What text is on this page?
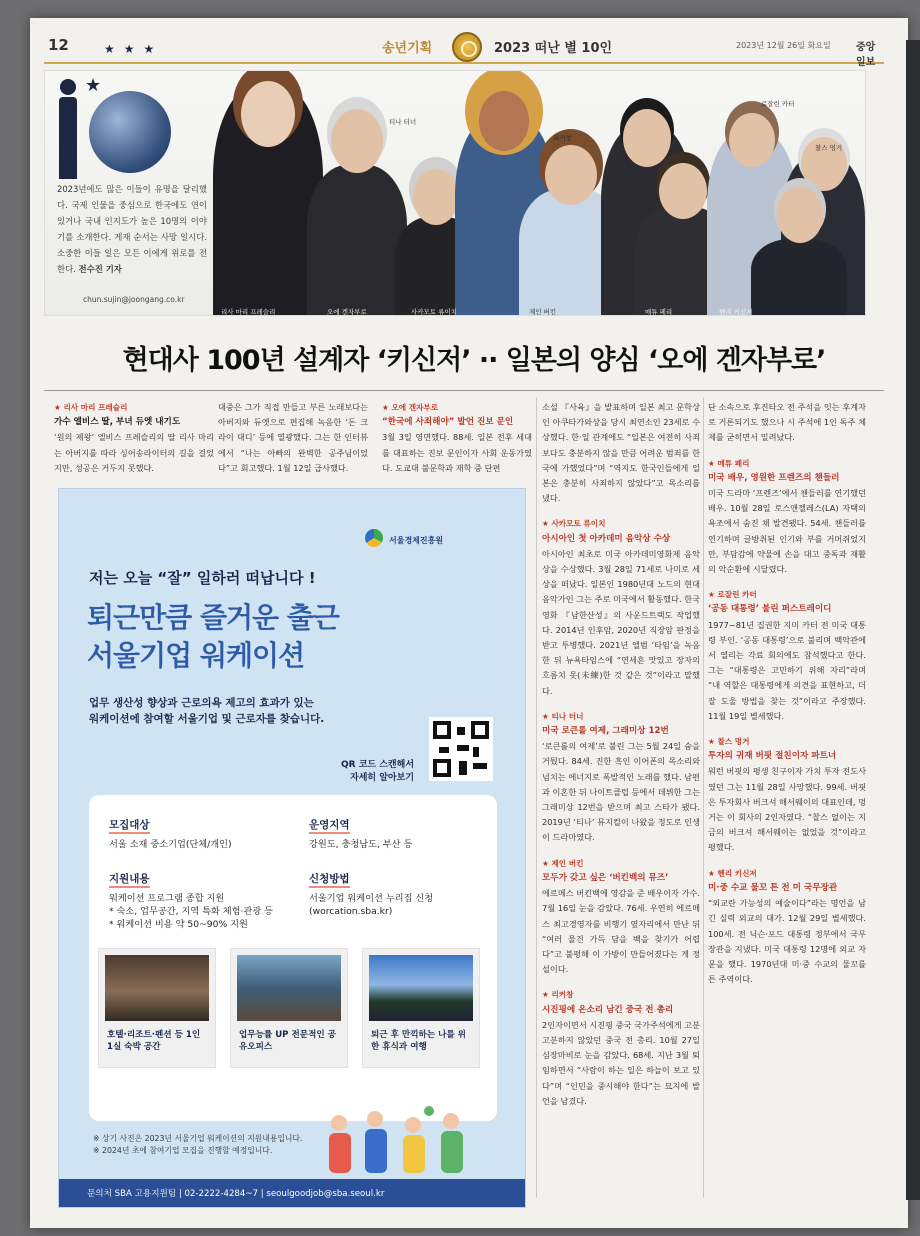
12	★★★	송년기획	2023 떠난 별 10인	2023년 12월 26일 화요일	중앙일보
★
2023년에도 많은 이들이 유명을 달리했다. 국제 인물을 중심으로 한국에도 연이 있거나 국내 인지도가 높은 10명의 이야기를 소개한다. 게재 순서는 사망 일시다. 소중한 이들 일은 모든 이에게 위로를 전한다. 전수진 기자
chun.sujin@joongang.co.kr
리사 마리 프레슬리	오에 겐자부로	사카모토 류이치
티나 터너
제인 버킨	매튜 페리
리커창
로잘린 카터
찰스 멍거
헨리 키신저
현대사 100년 설계자 ‘키신저’ ·· 일본의 양심 ‘오에 겐자부로’
★ 리사 마리 프레슬리
가수 엘비스 딸, 부녀 듀엣 내기도
‘원의 제왕’ 엘비스 프레슬리의 딸 리사 마리는 아버지를 따라 싱어송라이터의 길을 걸었지만, 성공은 거두지 못했다.
대중은 그가 직접 만들고 부른 노래보다는 아버지와 듀엣으로 편집해 녹음한 ‘돈 크라이 대디’ 등에 열광했다. 그는 한 인터뷰에서 “나는 아빠의 완벽한 공주님이었다”고 회고했다. 1월 12일 급사했다.
★ 오에 겐자부로
“한국에 사죄해야” 발언 진보 문인
3월 3일 영면했다. 88세. 일본 전후 세대를 대표하는 진보 문인이자 사회 운동가였다. 도쿄대 불문학과 재학 중 단편
소설 『사육』을 발표하며 일본 최고 문학상인 아쿠타가와상을 당시 최연소인 23세로 수상했다. 한·일 관계에도 “일본은 여전히 사죄보다도 충분하지 않을 만큼 어려운 범죄를 한국에 가했었다”며 “역지도 한국인들에게 일본은 충분히 사죄하지 않았다”고 목소리를 냈다.
★ 사카모토 류이치
아시아인 첫 아카데미 음악상 수상
아시아인 최초로 미국 아카데미영화제 음악상을 수상했다. 3월 28일 71세로 나미로 세상을 떠났다. 일본인 1980년대 노드의 현대음악가인 그는 주로 미국에서 활동했다. 한국 영화 『남한산성』의 사운드트랙도 작업했다. 2014년 인후암, 2020년 직장암 판정을 받고 투병했다. 2021년 앨범 ‘타임’을 녹음한 뒤 뉴욕타임스에 “연세흔 맛있고 장자의 흐름치 못(未練)한 것 같은 것”이라고 말했다.
★ 티나 터너
미국 로큰롤 여제, 그래미상 12번
‘로큰롤의 여제’로 불린 그는 5월 24일 숨을 거뒀다. 84세. 진한 흑인 이어폰의 목소리와 넘치는 에너지로 폭발적인 노래를 했다. 남편과 이혼한 뒤 나이트클럽 등에서 데뷔한 그는 그래미상 12번을 받으며 최고 스타가 됐다. 2019년 ‘티나’ 뮤지컬이 나왔을 정도로 인생이 드라마였다.
★ 제인 버킨
모두가 갖고 싶은 ‘버킨백의 뮤즈’
에르메스 버킨백에 영감을 준 배우이자 가수. 7월 16일 눈을 감았다. 76세. 우연히 에르메스 최고경영자를 비행기 옆자리에서 만난 뒤 “여러 물건 가득 담을 백을 찾기가 어렵다”고 불평해 이 가방이 만들어졌다는 게 정설이다.
★ 리커창
시진핑에 온소리 남긴 중국 전 총리
2인자이면서 시진핑 중국 국가주석에게 고분고분하지 않았던 중국 전 총리. 10월 27일 심장마비로 눈을 감았다. 68세. 지난 3월 퇴임하면서 “사람이 하는 일은 하늘이 보고 있다”며 “인민을 중시해야 한다”는 묘지에 발언을 남겼다.
단 소속으로 후진타오 전 주석을 잇는 후계자로 거론되기도 했으나 시 주석에 1인 독주 체제를 굳히면서 밀려났다.
★ 매튜 페리
미국 배우, 영원한 프렌즈의 챈들러
미국 드라마 ‘프렌즈’에서 챈들러를 연기했던 배우. 10월 28일 로스앤젤레스(LA) 자택의 욕조에서 숨진 채 발견됐다. 54세. 챈들러를 연기하며 글방취된 인기와 부를 거머쥐었지만, 부담감에 약물에 손을 대고 중독과 재활의 악순환에 시달렸다.
★ 로잘린 카터
‘공동 대통령’ 불린 퍼스트레이디
1977~81년 집권한 지미 카터 전 미국 대통령 부인. ‘공동 대통령’으로 불리며 백악관에서 열리는 각료 회의에도 참석했다고 한다. 그는 “대통령은 고민하기 위해 자리”라며 “내 역할은 대통령에게 의견을 표현하고, 더 잘 도울 방법을 찾는 것”이라고 주장했다. 11월 19일 별세했다.
★ 찰스 멍거
투자의 귀재 버핏 절친이자 파트너
워런 버핏의 평생 친구이자 가치 투자 전도사였던 그는 11월 28일 사망했다. 99세. 버핏은 투자회사 버크셔 해서웨이의 대표인데, 멍거는 이 회사의 2인자였다. “찰스 없이는 지금의 버크셔 해서웨이는 없었을 것”이라고 평했다.
★ 헨리 키신저
미·중 수교 물꼬 튼 전 미 국무장관
“외교란 가능성의 예술이다”라는 명언을 남긴 실력 외교의 대가. 12월 29일 별세했다. 100세. 전 닉슨·포드 대통령 정부에서 국무장관을 지냈다. 미국 대통령 12명에 외교 자문을 했다. 1970년대 미·중 수교의 물꼬를 튼 주역이다.
서울경제진흥원
저는 오늘 “잘” 일하러 떠납니다 !
퇴근만큼 즐거운 출근
서울기업 워케이션
업무 생산성 향상과 근로의욕 제고의 효과가 있는
워케이션에 참여할 서울기업 및 근로자를 찾습니다.
QR 코드 스캔해서
자세히 알아보기
모집대상
서울 소재 중소기업(단체/개인)
운영지역
강원도, 충청남도, 부산 등
지원내용
워케이션 프로그램 종합 지원
* 숙소, 업무공간, 지역 특화 체험·관광 등
* 워케이션 비용 약 50~90% 지원
신청방법
서울기업 워케이션 누리집 신청
(worcation.sba.kr)
호텔·리조트·펜션 등 1인 1실 숙박 공간
업무능률 UP 전문적인 공유오피스
퇴근 후 만끽하는 나를 위한 휴식과 여행
※ 상기 사진은 2023년 서울기업 워케이션의 지원내용입니다.
※ 2024년 초에 참여기업 모집을 진행할 예정입니다.
문의처 SBA 고용지원팀 | 02-2222-4284~7 | seoulgoodjob@sba.seoul.kr
